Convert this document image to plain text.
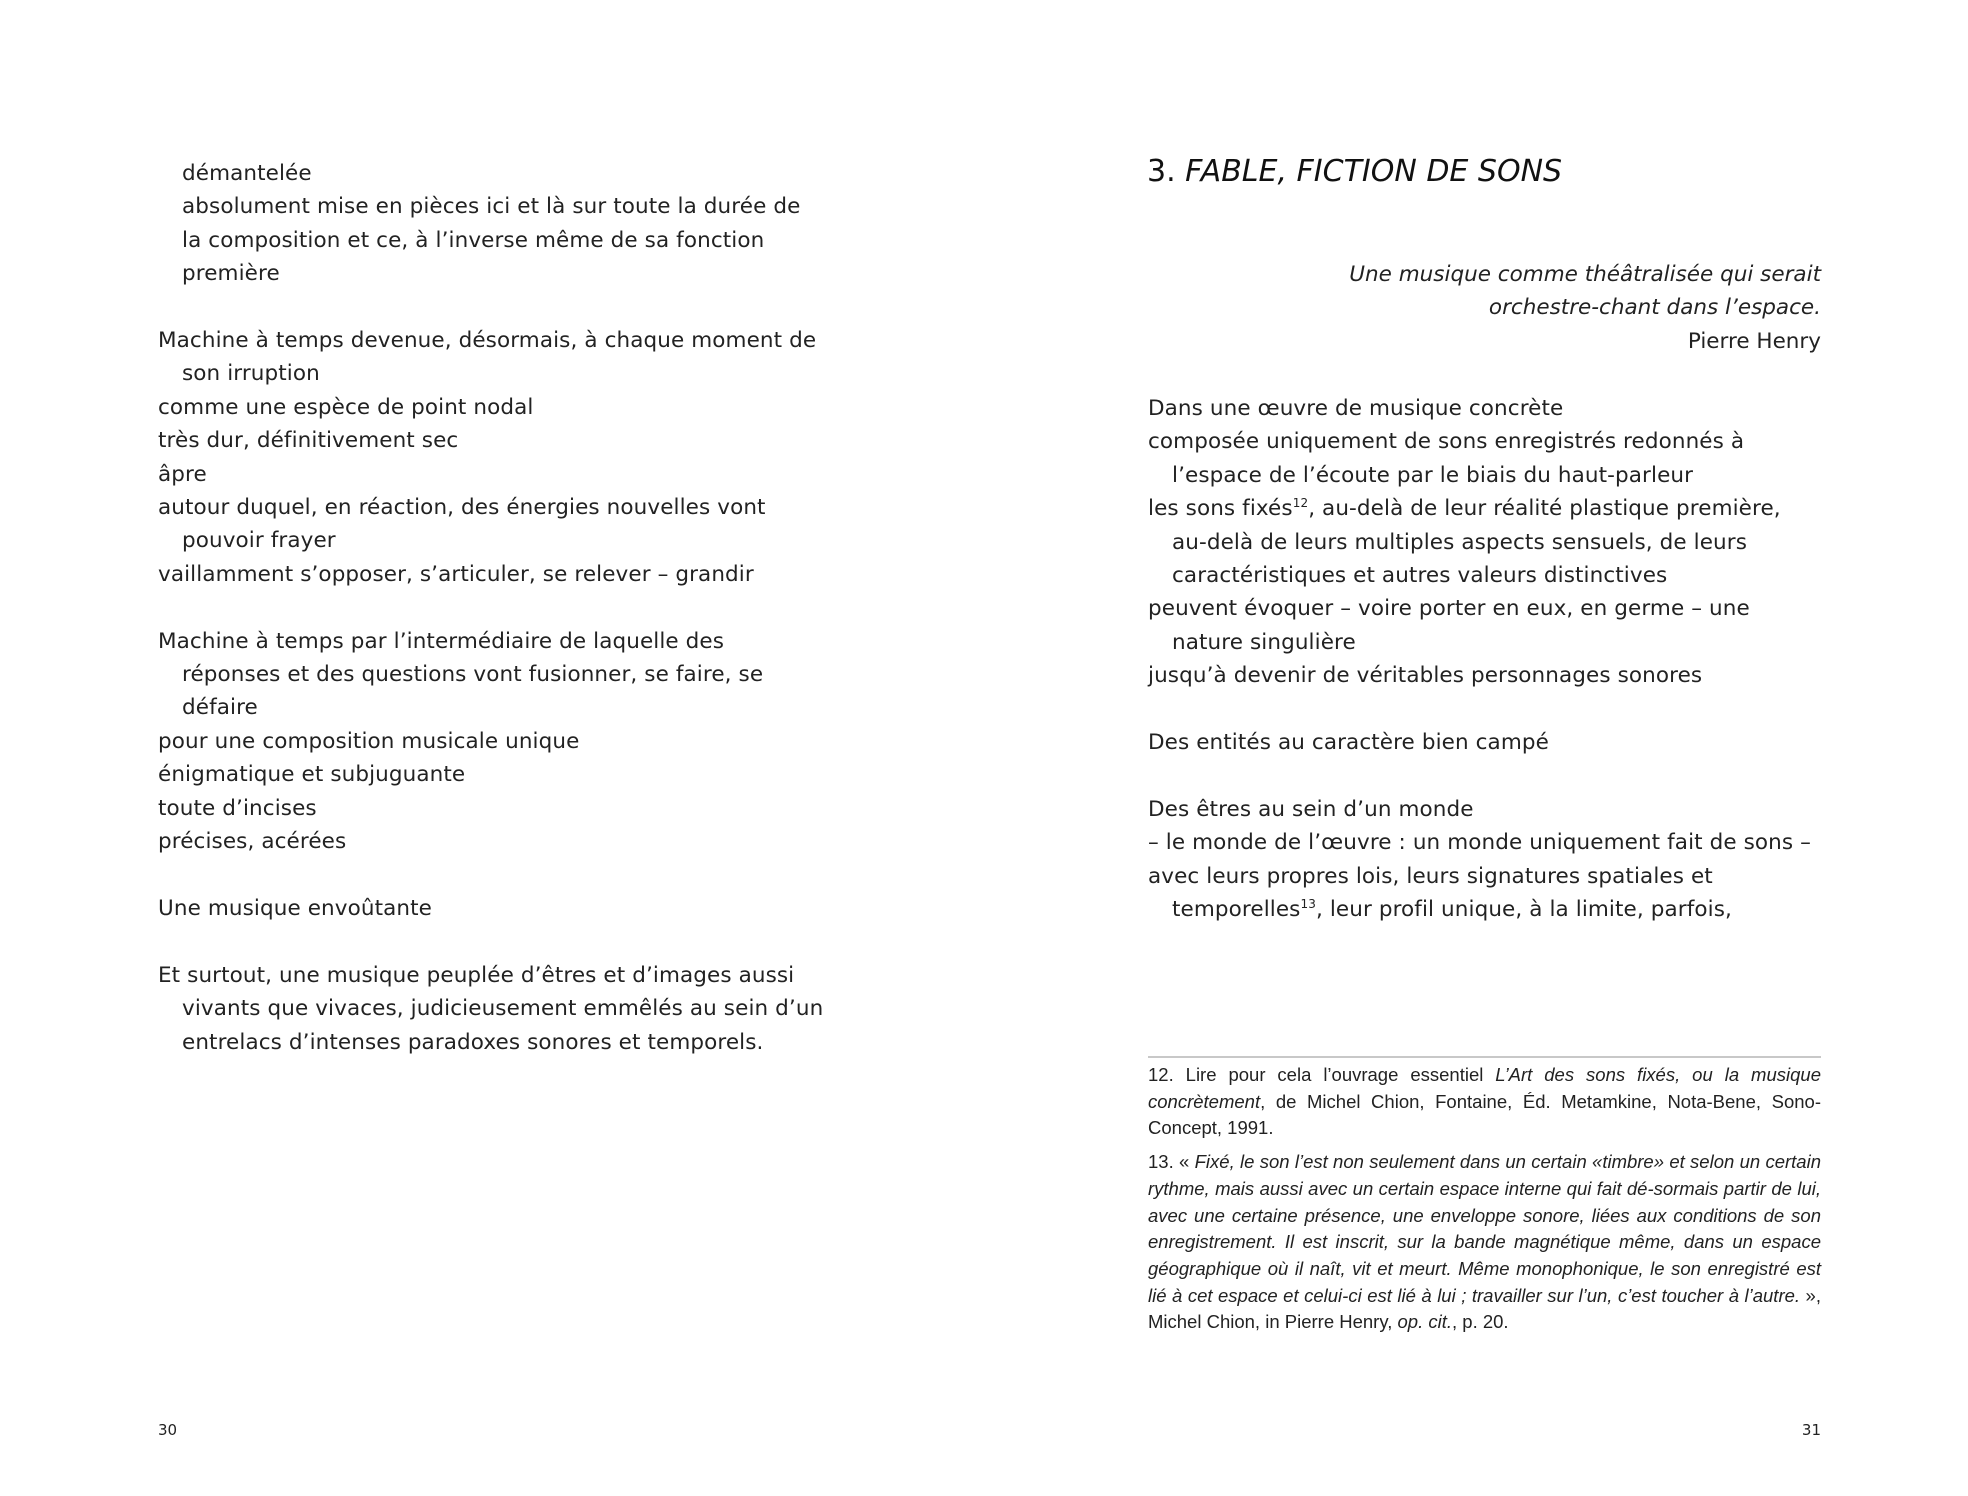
démantelée
absolument mise en pièces ici et là sur toute la durée de
la composition et ce, à l’inverse même de sa fonction
première
Machine à temps devenue, désormais, à chaque moment de
son irruption
comme une espèce de point nodal
très dur, définitivement sec
âpre
autour duquel, en réaction, des énergies nouvelles vont
pouvoir frayer
vaillamment s’opposer, s’articuler, se relever – grandir
Machine à temps par l’intermédiaire de laquelle des
réponses et des questions vont fusionner, se faire, se
défaire
pour une composition musicale unique
énigmatique et subjuguante
toute d’incises
précises, acérées
Une musique envoûtante
Et surtout, une musique peuplée d’êtres et d’images aussi
vivants que vivaces, judicieusement emmêlés au sein d’un
entrelacs d’intenses paradoxes sonores et temporels.
3. FABLE, FICTION DE SONS
Une musique comme théâtralisée qui serait
orchestre-chant dans l’espace.
Pierre Henry
Dans une œuvre de musique concrète
composée uniquement de sons enregistrés redonnés à
l’espace de l’écoute par le biais du haut-parleur
les sons fixés$^{12}$, au-delà de leur réalité plastique première,
au-delà de leurs multiples aspects sensuels, de leurs
caractéristiques et autres valeurs distinctives
peuvent évoquer – voire porter en eux, en germe – une
nature singulière
jusqu’à devenir de véritables personnages sonores
Des entités au caractère bien campé
Des êtres au sein d’un monde
– le monde de l’œuvre : un monde uniquement fait de sons –
avec leurs propres lois, leurs signatures spatiales et
temporelles$^{13}$, leur profil unique, à la limite, parfois,
12. Lire pour cela l’ouvrage essentiel L’Art des sons fixés, ou la musique concrètement, de Michel Chion, Fontaine, Éd. Metamkine, Nota-Bene, Sono-Concept, 1991.
13. « Fixé, le son l’est non seulement dans un certain «timbre» et selon un certain rythme, mais aussi avec un certain espace interne qui fait dé-sormais partir de lui, avec une certaine présence, une enveloppe sonore, liées aux conditions de son enregistrement. Il est inscrit, sur la bande magnétique même, dans un espace géographique où il naît, vit et meurt. Même monophonique, le son enregistré est lié à cet espace et celui-ci est lié à lui ; travailler sur l’un, c’est toucher à l’autre. », Michel Chion, in Pierre Henry, op. cit., p. 20.
30	31
